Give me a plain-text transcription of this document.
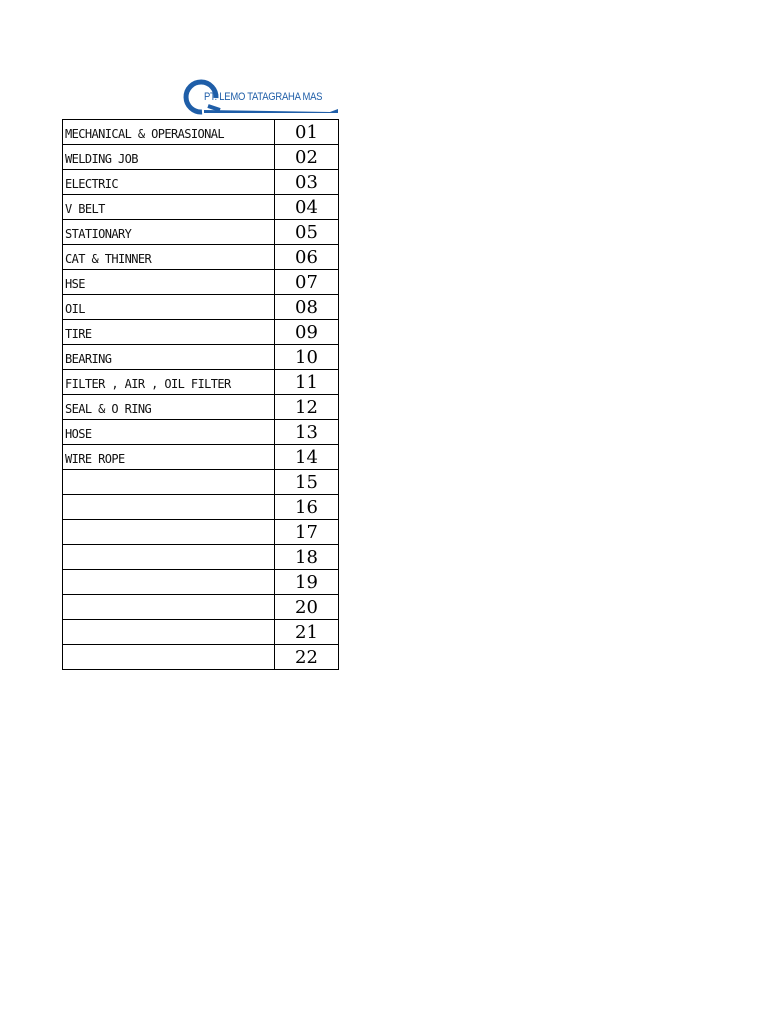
PT. LEMO TATAGRAHA MAS
MECHANICAL & OPERASIONAL	01
WELDING JOB	02
ELECTRIC	03
V BELT	04
STATIONARY	05
CAT & THINNER	06
HSE	07
OIL	08
TIRE	09
BEARING	10
FILTER , AIR , OIL FILTER	11
SEAL & O RING	12
HOSE	13
WIRE ROPE	14
	15
	16
	17
	18
	19
	20
	21
	22
